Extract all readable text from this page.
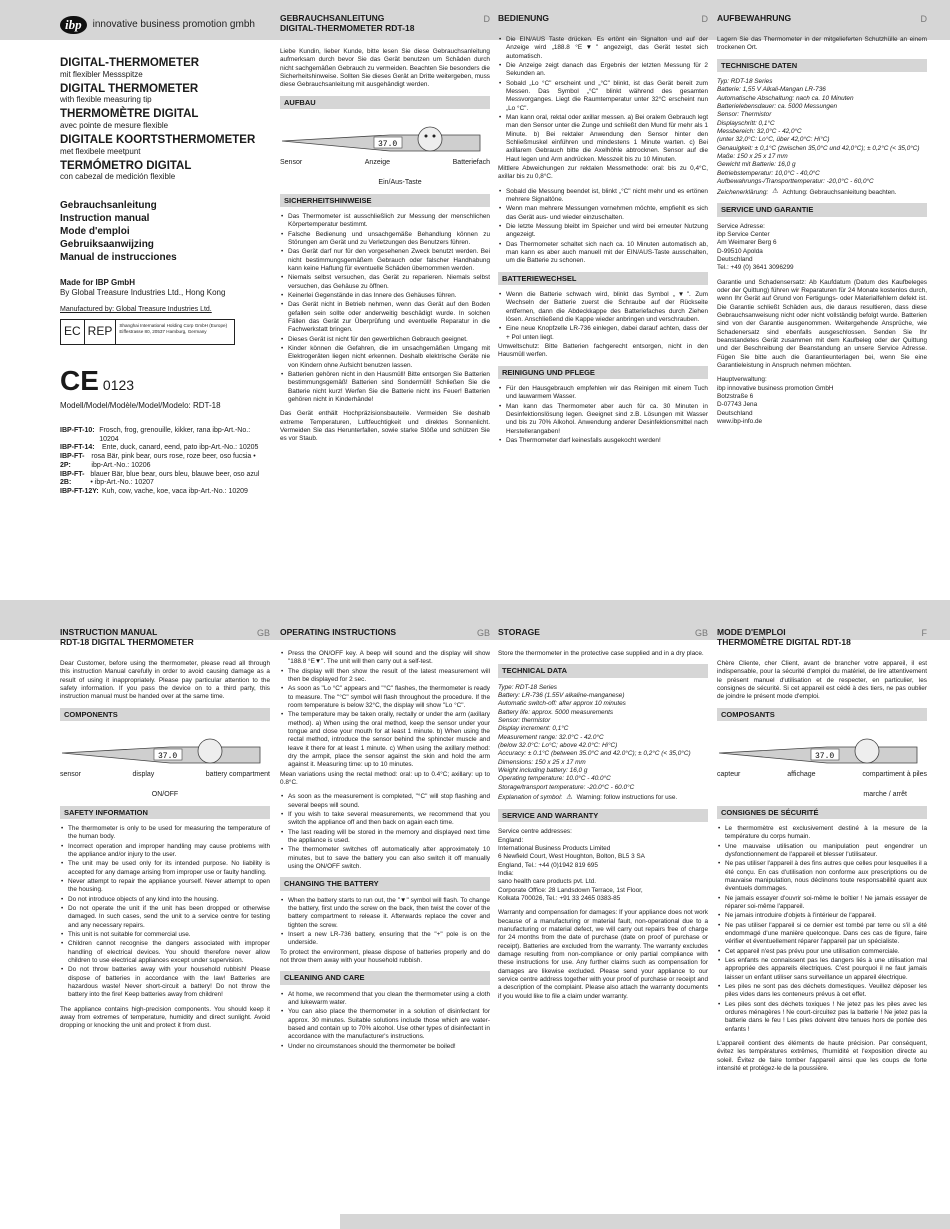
ibp	innovative business promotion gmbh
DIGITAL-THERMOMETER
mit flexibler Messspitze
DIGITAL THERMOMETER
with flexible measuring tip
THERMOMÈTRE DIGITAL
avec pointe de mesure flexible
DIGITALE KOORTSTHERMOMETER
met flexibele meetpunt
TERMÓMETRO DIGITAL
con cabezal de medición flexible
Gebrauchsanleitung
Instruction manual
Mode d'emploi
Gebruiksaanwijzing
Manual de instrucciones
Made for IBP GmbH
By Global Treasure Industries Ltd., Hong Kong
Manufactured by: Global Treasure Industries Ltd.
EC REP	Shanghai International Holding Corp GmbH (Europe) Eiffestrasse 80, 20537 Hamburg, Germany
CE 0123
Modell/Model/Modèle/Model/Modelo: RDT-18
IBP-FT-10: Frosch, frog, grenouille, kikker, rana ibp-Art.-No.: 10204
IBP-FT-14:	Ente, duck, canard, eend, pato ibp-Art.-No.: 10205
IBP-FT-2P:
rosa Bär, pink bear, ours rose, roze beer, oso fucsia • ibp-Art.-No.: 10206
IBP-FT-2B:
blauer Bär, blue bear, ours bleu, blauwe beer, oso azul • ibp-Art.-No.: 10207
IBP-FT-12Y: Kuh, cow, vache, koe, vaca ibp-Art.-No.: 10209
GEBRAUCHSANLEITUNG
DIGITAL-THERMOMETER RDT-18
D
Liebe Kundin, lieber Kunde, bitte lesen Sie diese Gebrauchsanleitung aufmerksam durch bevor Sie das Gerät benutzen um Schäden durch nicht sachgemäßen Gebrauch zu vermeiden. Beachten Sie besonders die Sicherheitshinweise. Sollten Sie dieses Gerät an Dritte weitergeben, muss diese Gebrauchsanleitung mit ausgehändigt werden.
AUFBAU
37.0
Sensor	Anzeige	Batteriefach
Ein/Aus-Taste
SICHERHEITSHINWEISE
• Das Thermometer ist ausschließlich zur Messung der menschlichen Körpertemperatur bestimmt.
• Falsche Bedienung und unsachgemäße Behandlung können zu Störungen am Gerät und zu Verletzungen des Benutzers führen.
• Das Gerät darf nur für den vorgesehenen Zweck benutzt werden. Bei nicht bestimmungsgemäßem Gebrauch oder falscher Handhabung kann keine Haftung für eventuelle Schäden übernommen werden.
• Niemals selbst versuchen, das Gerät zu reparieren. Niemals selbst versuchen, das Gehäuse zu öffnen.
• Keinerlei Gegenstände in das Innere des Gehäuses führen.
• Das Gerät nicht in Betrieb nehmen, wenn das Gerät auf den Boden gefallen sein sollte oder anderweitig beschädigt wurde. In solchen Fällen das Gerät zur Überprüfung und eventuelle Reparatur in die Fachwerkstatt bringen.
• Dieses Gerät ist nicht für den gewerblichen Gebrauch geeignet.
• Kinder können die Gefahren, die im unsachgemäßen Umgang mit Elektrogeräten liegen nicht erkennen. Deshalb elektrische Geräte nie von Kindern ohne Aufsicht benutzen lassen.
• Batterien gehören nicht in den Hausmüll! Bitte entsorgen Sie Batterien bestimmungsgemäß! Batterien sind Sondermüll! Schließen Sie die Batterie nicht kurz! Werfen Sie die Batterie nicht ins Feuer! Batterien gehören nicht in Kinderhände!
Das Gerät enthält Hochpräzisionsbauteile. Vermeiden Sie deshalb extreme Temperaturen, Luftfeuchtigkeit und direktes Sonnenlicht. Vermeiden Sie das Herunterfallen, sowie starke Stöße und schützen Sie es vor Staub.
BEDIENUNG	D
• Die EIN/AUS Taste drücken. Es ertönt ein Signalton und auf der Anzeige wird „188.8 °E▼" angezeigt, das Gerät testet sich automatisch.
• Die Anzeige zeigt danach das Ergebnis der letzten Messung für 2 Sekunden an.
• Sobald „Lo °C" erscheint und „°C" blinkt, ist das Gerät bereit zum Messen. Das Symbol „°C" blinkt während des gesamten Messvorganges. Liegt die Raumtemperatur unter 32°C erscheint nun „Lo °C".
• Man kann oral, rektal oder axillar messen. a) Bei oralem Gebrauch legt man den Sensor unter die Zunge und schließt den Mund für mehr als 1 Minute. b) Bei rektaler Anwendung den Sensor hinter den Schließmuskel einführen und mindestens 1 Minute warten. c) Bei axillarem Gebrauch bitte die Axelhöhle abtrocknen. Sensor auf die Haut legen und Arm andrücken. Messzeit bis zu 10 Minuten.
Mittlere Abweichungen zur rektalen Messmethode: oral: bis zu 0,4°C, axillar bis zu 0,8°C.
• Sobald die Messung beendet ist, blinkt „°C" nicht mehr und es ertönen mehrere Signaltöne.
• Wenn man mehrere Messungen vornehmen möchte, empfiehlt es sich das Gerät aus- und wieder einzuschalten.
• Die letzte Messung bleibt im Speicher und wird bei erneuter Nutzung angezeigt.
• Das Thermometer schaltet sich nach ca. 10 Minuten automatisch ab, man kann es aber auch manuell mit der EIN/AUS-Taste ausschalten, um die Batterie zu schonen.
BATTERIEWECHSEL
• Wenn die Batterie schwach wird, blinkt das Symbol „▼". Zum Wechseln der Batterie zuerst die Schraube auf der Rückseite entfernen, dann die Abdeckkappe des Batteriefaches durch Ziehen lösen. Anschließend die Kappe wieder anbringen und verschrauben.
• Eine neue Knopfzelle LR-736 einlegen, dabei darauf achten, dass der + Pol unten liegt.
Umweltschutz: Bitte Batterien fachgerecht entsorgen, nicht in den Hausmüll werfen.
REINIGUNG UND PFLEGE
• Für den Hausgebrauch empfehlen wir das Reinigen mit einem Tuch und lauwarmem Wasser.
• Man kann das Thermometer aber auch für ca. 30 Minuten in Desinfektionslösung legen. Geeignet sind z.B. Lösungen mit Wasser und bis zu 70% Alkohol. Anwendung anderer Desinfektionsmittel nach Herstellerangaben!
• Das Thermometer darf keinesfalls ausgekocht werden!
AUFBEWAHRUNG	D
Lagern Sie das Thermometer in der mitgelieferten Schutzhülle an einem trockenen Ort.
TECHNISCHE DATEN
Typ: RDT-18 Series
Batterie: 1,55 V Alkali-Mangan LR-736
Automatische Abschaltung: nach ca. 10 Minuten
Batterielebensdauer: ca. 5000 Messungen
Sensor: Thermistor
Displayschritt: 0,1°C
Messbereich: 32,0°C - 42,0°C
(unter 32,0°C: Lo°C, über 42,0°C: Hi°C)
Genauigkeit: ± 0,1°C (zwischen 35,0°C und 42,0°C); ± 0,2°C (< 35,0°C)
Maße: 150 x 25 x 17 mm
Gewicht mit Batterie: 16,0 g
Betriebstemperatur: 10,0°C - 40,0°C
Aufbewahrungs-/Transporttemperatur: -20,0°C - 60,0°C
Zeichenerklärung: ⚠ Achtung: Gebrauchsanleitung beachten.
SERVICE UND GARANTIE
Service Adresse:
ibp Service Center
Am Weimarer Berg 6
D-99510 Apolda
Deutschland
Tel.: +49 (0) 3641 3096299
Garantie und Schadensersatz: Ab Kaufdatum (Datum des Kaufbeleges oder der Quittung) führen wir Reparaturen für 24 Monate kostenlos durch, wenn Ihr Gerät auf Grund von Fertigungs- oder Materialfehlern defekt ist. Die Garantie schließt Schäden aus, die daraus resultieren, dass diese Gebrauchsanweisung nicht oder nicht vollständig befolgt wurde. Batterien sind von der Garantie ausgenommen. Weitergehende Ansprüche, wie Schadenersatz sind ebenfalls ausgeschlossen. Senden Sie Ihr beanstandetes Gerät zusammen mit dem Kaufbeleg oder der Quittung und der Beschreibung der Beanstandung an unsere Service Adresse. Fügen Sie bitte auch die Garantieunterlagen bei, wenn Sie eine Garantieleistung in Anspruch nehmen möchten.
Hauptverwaltung:
ibp innovative business promotion GmbH
Botzstraße 6
D-07743 Jena
Deutschland
www.ibp-info.de
INSTRUCTION MANUAL
RDT-18 DIGITAL THERMOMETER
GB
Dear Customer, before using the thermometer, please read all through this instruction Manual carefully in order to avoid causing damage as a result of using it inappropriately. Please pay particular attention to the safety information. If you pass the device on to a third party, this instruction manual must be handed over at the same time.
COMPONENTS
37.0
sensor	display	battery compartment
ON/OFF
SAFETY INFORMATION
• The thermometer is only to be used for measuring the temperature of the human body.
• Incorrect operation and improper handling may cause problems with the appliance and/or injury to the user.
• The unit may be used only for its intended purpose. No liability is accepted for any damage arising from improper use or faulty handling.
• Never attempt to repair the appliance yourself. Never attempt to open the housing.
• Do not introduce objects of any kind into the housing.
• Do not operate the unit if the unit has been dropped or otherwise damaged. In such cases, send the unit to a service centre for testing and any necessary repairs.
• This unit is not suitable for commercial use.
• Children cannot recognise the dangers associated with improper handling of electrical devices. You should therefore never allow children to use electrical appliances except under supervision.
• Do not throw batteries away with your household rubbish! Please dispose of batteries in accordance with the law! Batteries are hazardous waste! Never short-circuit a battery! Do not throw the battery into the fire! Keep batteries away from children!
The appliance contains high-precision components. You should keep it away from extremes of temperature, humidity and direct sunlight. Avoid dropping or knocking the unit and protect it from dust.
OPERATING INSTRUCTIONS	GB
• Press the ON/OFF key. A beep will sound and the display will show "188.8 °E▼". The unit will then carry out a self-test.
• The display will then show the result of the latest measurement will then be displayed for 2 sec.
• As soon as "Lo °C" appears and "°C" flashes, the thermometer is ready to measure. The "°C" symbol will flash throughout the procedure. If the room temperature is below 32°C, the display will show "Lo °C".
• The temperature may be taken orally, rectally or under the arm (axillary method). a) When using the oral method, keep the sensor under your tongue and close your mouth for at least 1 minute. b) When using the rectal method, introduce the sensor behind the sphincter muscle and leave it there for at least 1 minute. c) When using the axillary method: dry the armpit, place the sensor against the skin and hold the arm against it. Measuring time: up to 10 minutes.
Mean variations using the rectal method: oral: up to 0.4°C; axillary: up to 0.8°C.
• As soon as the measurement is completed, "°C" will stop flashing and several beeps will sound.
• If you wish to take several measurements, we recommend that you switch the appliance off and then back on again each time.
• The last reading will be stored in the memory and displayed next time the appliance is used.
• The thermometer switches off automatically after approximately 10 minutes, but to save the battery you can also switch it off manually using the ON/OFF switch.
CHANGING THE BATTERY
• When the battery starts to run out, the "▼" symbol will flash. To change the battery, first undo the screw on the back, then twist the cover of the battery compartment to release it. Afterwards replace the cover and tighten the screw.
• Insert a new LR-736 battery, ensuring that the "+" pole is on the underside.
To protect the environment, please dispose of batteries properly and do not throw them away with your household rubbish.
CLEANING AND CARE
• At home, we recommend that you clean the thermometer using a cloth and lukewarm water.
• You can also place the thermometer in a solution of disinfectant for approx. 30 minutes. Suitable solutions include those which are water-based and contain up to 70% alcohol. Use other types of disinfectant in accordance with the manufacturer's instructions.
• Under no circumstances should the thermometer be boiled!
STORAGE	GB
Store the thermometer in the protective case supplied and in a dry place.
TECHNICAL DATA
Type: RDT-18 Series
Battery: LR-736 (1.55V alkaline-manganese)
Automatic switch-off: after approx 10 minutes
Battery life: approx. 5000 measurements
Sensor: thermistor
Display increment: 0,1°C
Measurement range: 32.0°C - 42.0°C
(below 32.0°C: Lo°C; above 42.0°C: Hi°C)
Accuracy: ± 0.1°C (between 35.0°C and 42.0°C); ± 0,2°C (< 35,0°C)
Dimensions: 150 x 25 x 17 mm
Weight including battery: 16,0 g
Operating temperature: 10.0°C - 40.0°C
Storage/transport temperature: -20.0°C - 60.0°C
Explanation of symbol: ⚠ Warning: follow instructions for use.
SERVICE AND WARRANTY
Service centre addresses:
England:
International Business Products Limited
6 Newfield Court, West Houghton, Bolton, BL5 3 SA
England, Tel.: +44 (0)1942 819 695
India:
sano health care products pvt. Ltd.
Corporate Office: 28 Landsdown Terrace, 1st Floor,
Kolkata 700026, Tel.: +91 33 2465 0383-85
Warranty and compensation for damages: If your appliance does not work because of a manufacturing or material fault, non-operational due to a manufacturing or material defect, we will carry out repairs free of charge for 24 months from the date of purchase (date on proof of purchase or receipt). Batteries are excluded from the warranty. The warranty excludes damage resulting from non-compliance or only partial compliance with these instructions for use. Any further claims such as compensation for damages are likewise excluded. Please send your appliance to our service centre address together with your proof of purchase or receipt and a description of the complaint. Please also attach the warranty documents if you would like to file a claim under warranty.
MODE D'EMPLOI
THERMOMÈTRE DIGITAL RDT-18
F
Chère Cliente, cher Client, avant de brancher votre appareil, il est indispensable, pour la sécurité d'emploi du matériel, de lire attentivement le présent manuel d'utilisation et de respecter, en particulier, les consignes de sécurité. Si cet appareil est cédé à des tiers, ne pas oublier de joindre le présent mode d'emploi.
COMPOSANTS
37.0
capteur	affichage	compartiment à piles
marche / arrêt
CONSIGNES DE SÉCURITÉ
• Le thermomètre est exclusivement destiné à la mesure de la température du corps humain.
• Une mauvaise utilisation ou manipulation peut engendrer un dysfonctionnement de l'appareil et blesser l'utilisateur.
• Ne pas utiliser l'appareil à des fins autres que celles pour lesquelles il a été conçu. En cas d'utilisation non conforme aux prescriptions ou de mauvaise manipulation, nous déclinons toute responsabilité quant aux éventuels dommages.
• Ne jamais essayer d'ouvrir soi-même le boîtier ! Ne jamais essayer de réparer soi-même l'appareil.
• Ne jamais introduire d'objets à l'intérieur de l'appareil.
• Ne pas utiliser l'appareil si ce dernier est tombé par terre ou s'il a été endommagé d'une manière quelconque. Dans ces cas de figure, faire vérifier et éventuellement réparer l'appareil par un spécialiste.
• Cet appareil n'est pas prévu pour une utilisation commerciale.
• Les enfants ne connaissent pas les dangers liés à une utilisation mal appropriée des appareils électriques. C'est pourquoi il ne faut jamais laisser un enfant utiliser sans surveillance un appareil électrique.
• Les piles ne sont pas des déchets domestiques. Veuillez déposer les piles vides dans les conteneurs prévus à cet effet.
• Les piles sont des déchets toxiques ! Ne jetez pas les piles avec les ordures ménagères ! Ne court-circuitez pas la batterie ! Ne jetez pas la batterie dans le feu ! Les piles doivent être tenues hors de portée des enfants !
L'appareil contient des éléments de haute précision. Par conséquent, évitez les températures extrêmes, l'humidité et l'exposition directe au soleil. Évitez de faire tomber l'appareil ainsi que les coups de forte intensité et protégez-le de la poussière.
